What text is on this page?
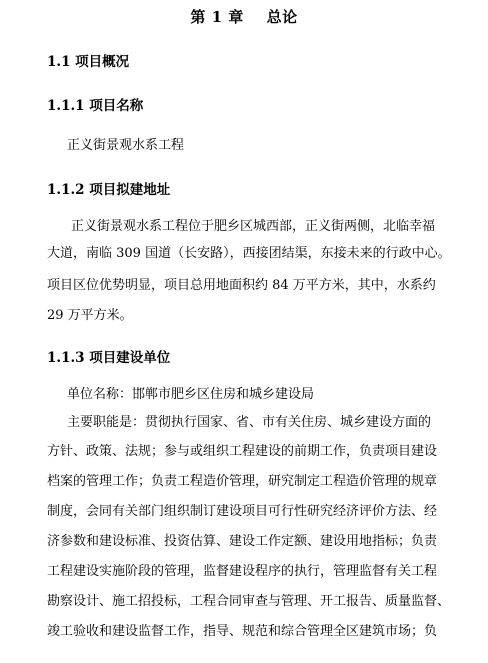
第 1 章    总论
1.1 项目概况
1.1.1 项目名称
正义街景观水系工程
1.1.2 项目拟建地址
正义街景观水系工程位于肥乡区城西部，正义街两侧，北临幸福
大道，南临 309 国道（长安路），西接团结渠，东接未来的行政中心。
项目区位优势明显，项目总用地面积约 84 万平方米，其中，水系约
29 万平方米。
1.1.3 项目建设单位
单位名称：邯郸市肥乡区住房和城乡建设局
主要职能是：贯彻执行国家、省、市有关住房、城乡建设方面的
方针、政策、法规；参与或组织工程建设的前期工作，负责项目建设
档案的管理工作；负责工程造价管理，研究制定工程造价管理的规章
制度，会同有关部门组织制订建设项目可行性研究经济评价方法、经
济参数和建设标准、投资估算、建设工作定额、建设用地指标；负责
工程建设实施阶段的管理，监督建设程序的执行，管理监督有关工程
勘察设计、施工招投标，工程合同审查与管理、开工报告、质量监督、
竣工验收和建设监督工作，指导、规范和综合管理全区建筑市场；负
